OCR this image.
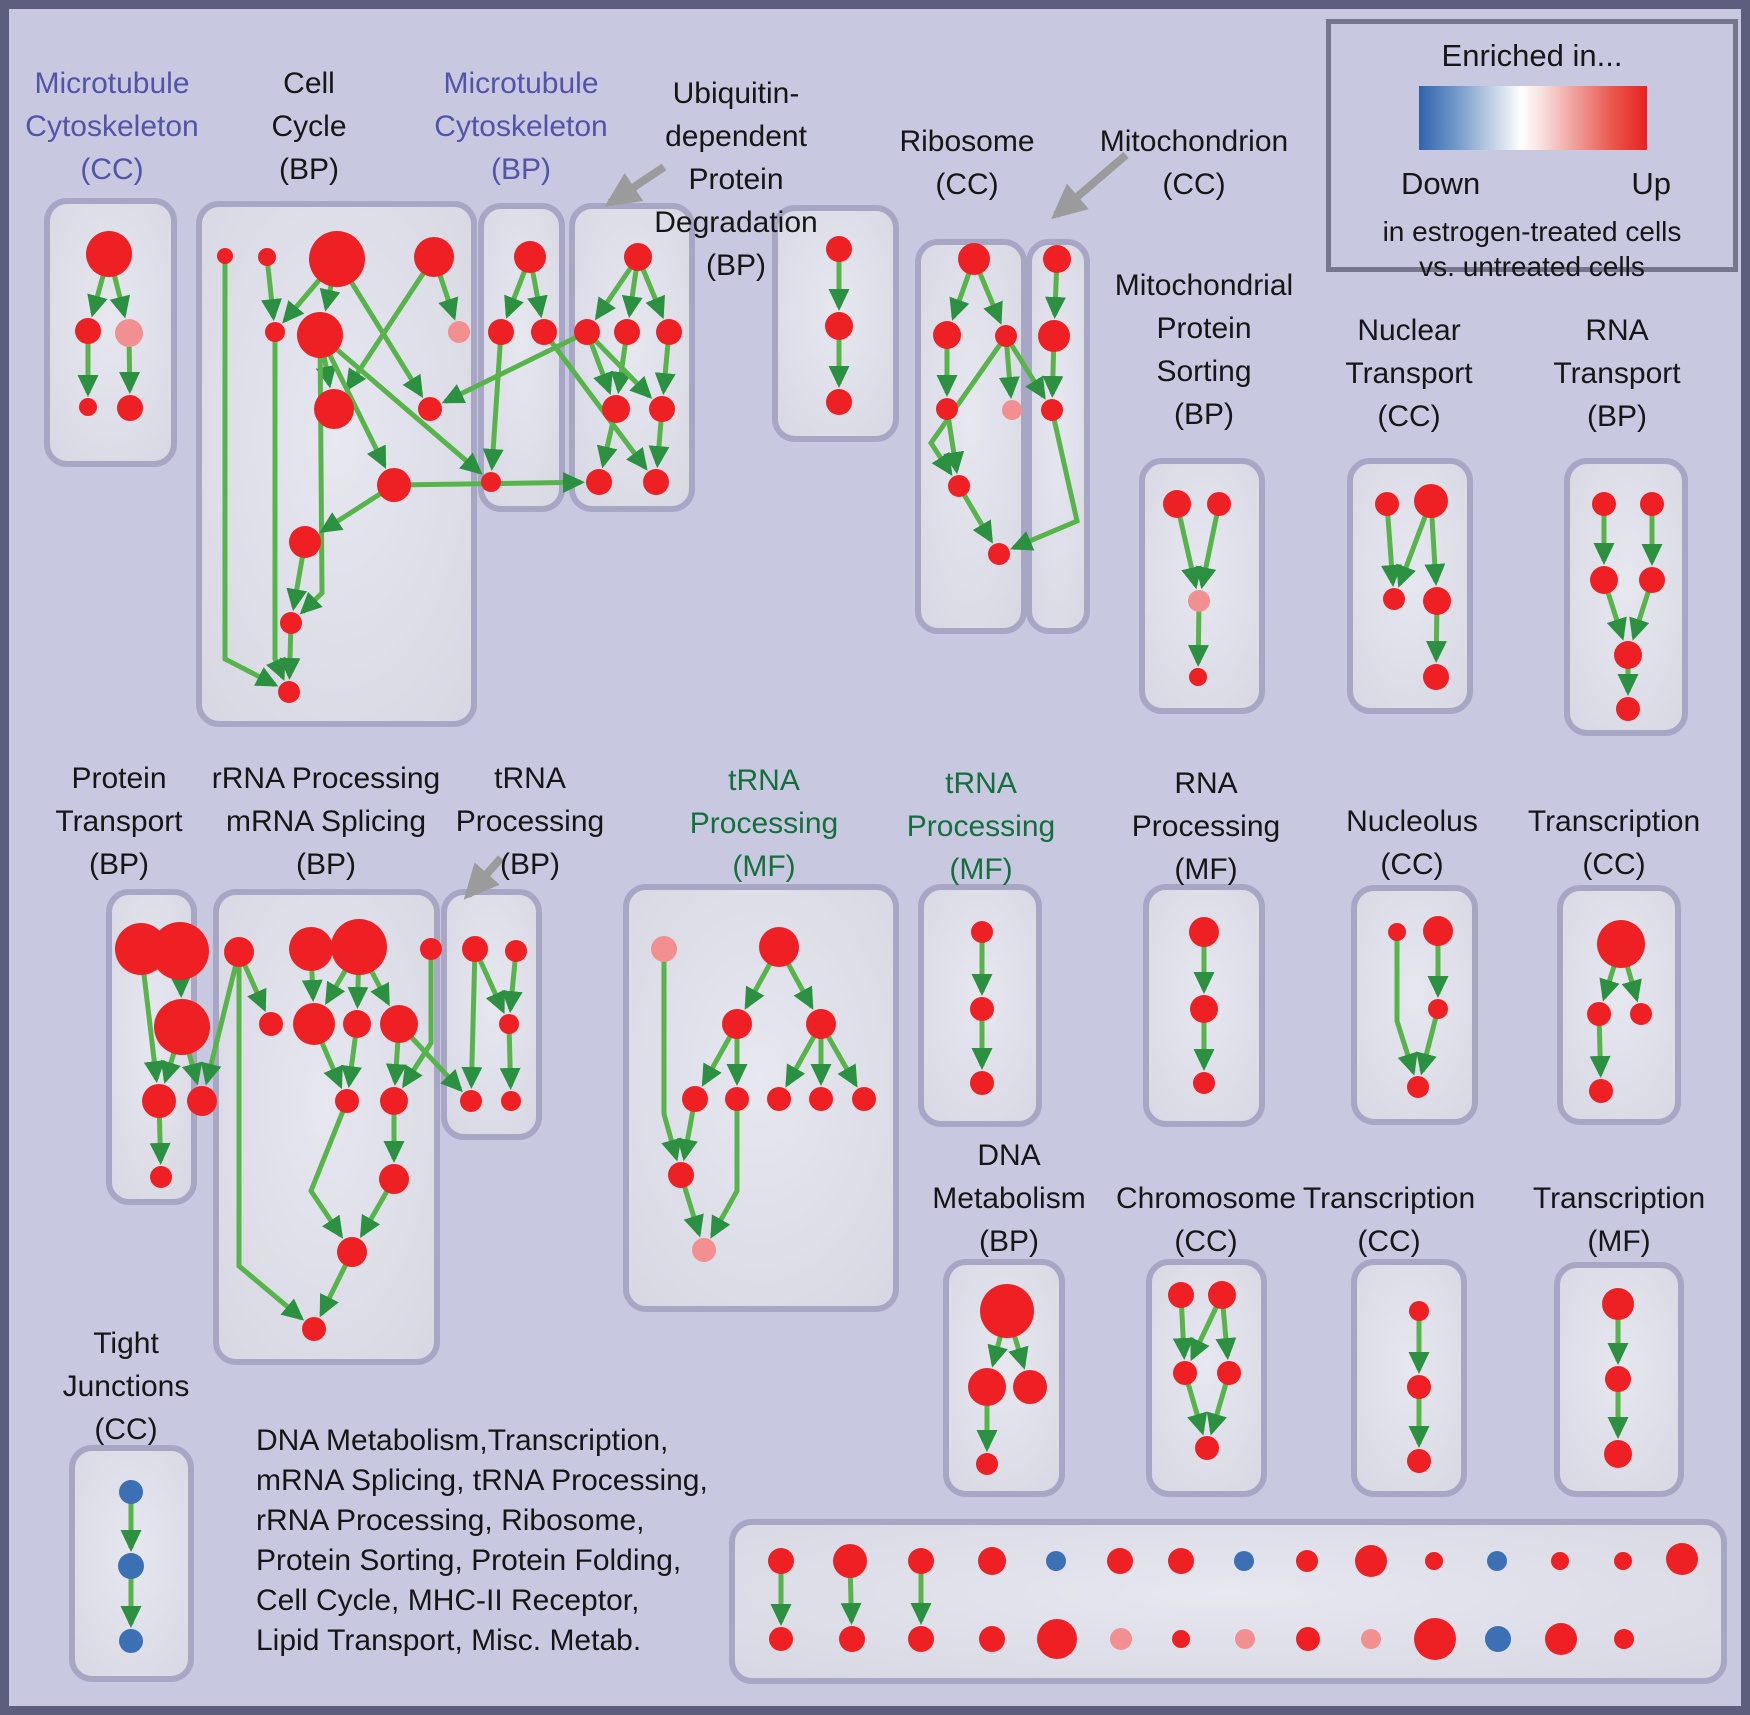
Microtubule
Cytoskeleton
(CC)
Cell
Cycle
(BP)
Microtubule
Cytoskeleton
(BP)
Ubiquitin-
dependent
Protein
Degradation
(BP)
Ribosome
(CC)
Mitochondrion
(CC)
Mitochondrial
Protein
Sorting
(BP)
Nuclear
Transport
(CC)
RNA
Transport
(BP)
Protein
Transport
(BP)
rRNA Processing
mRNA Splicing
(BP)
tRNA
Processing
(BP)
tRNA
Processing
(MF)
tRNA
Processing
(MF)
RNA
Processing
(MF)
Nucleolus
(CC)
Transcription
(CC)
DNA
Metabolism
(BP)
Chromosome
(CC)
Transcription
(CC)
Transcription
(MF)
Tight
Junctions
(CC)
Enriched in...
Down	Up
in estrogen-treated cells
vs. untreated cells
DNA Metabolism,Transcription,
mRNA Splicing, tRNA Processing,
rRNA Processing, Ribosome,
Protein Sorting, Protein Folding,
Cell Cycle, MHC-II Receptor,
Lipid Transport, Misc. Metab.
